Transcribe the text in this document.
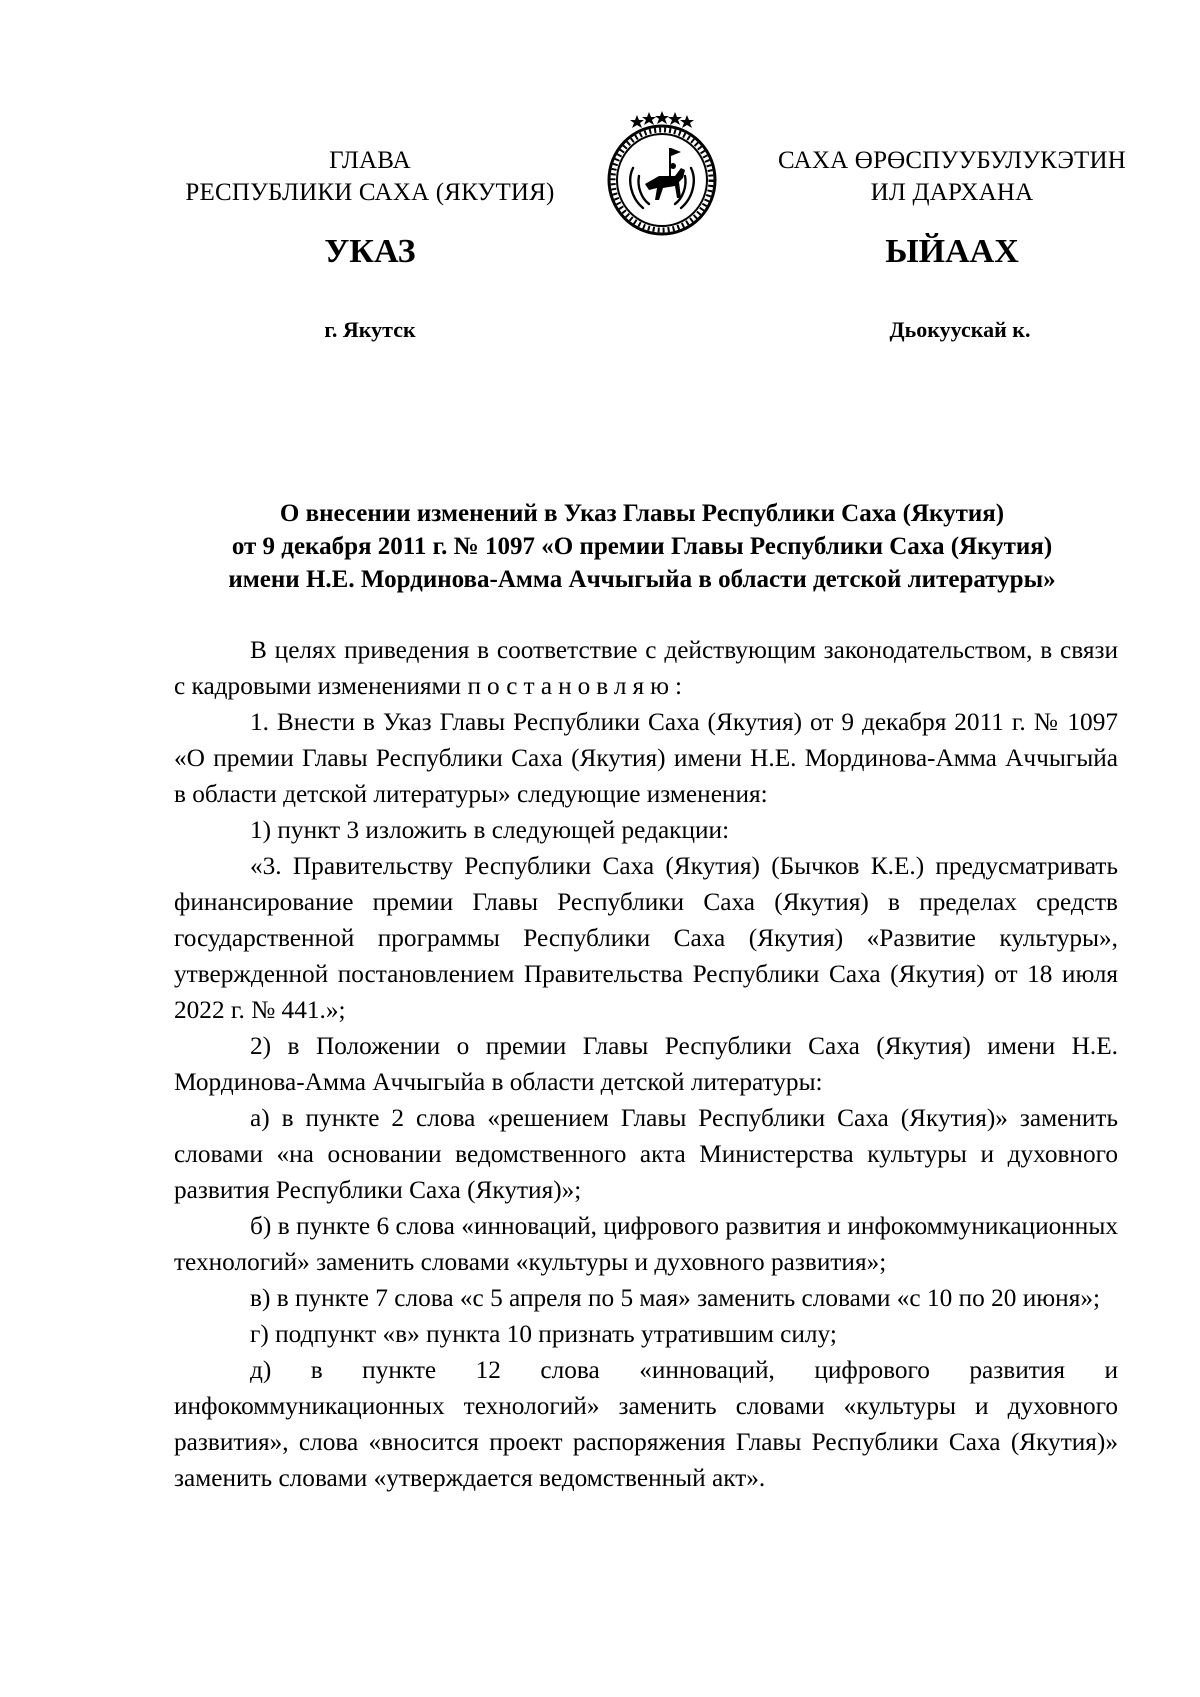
ГЛАВА
РЕСПУБЛИКИ САХА (ЯКУТИЯ)
САХА ӨРӨСПУУБУЛУКЭТИН
ИЛ ДАРХАНА
УКАЗ	ЫЙААХ
г. Якутск	Дьокуускай к.
О внесении изменений в Указ Главы Республики Саха (Якутия)
от 9 декабря 2011 г. № 1097 «О премии Главы Республики Саха (Якутия)
имени Н.Е. Мординова-Амма Аччыгыйа в области детской литературы»

В целях приведения в соответствие с действующим законодательством, в связи с кадровыми изменениями постановляю:

1. Внести в Указ Главы Республики Саха (Якутия) от 9 декабря 2011 г. № 1097 «О премии Главы Республики Саха (Якутия) имени Н.Е. Мординова-Амма Аччыгыйа в области детской литературы» следующие изменения:

1) пункт 3 изложить в следующей редакции:

«3. Правительству Республики Саха (Якутия) (Бычков К.Е.) предусматривать финансирование премии Главы Республики Саха (Якутия) в пределах средств государственной программы Республики Саха (Якутия) «Развитие культуры», утвержденной постановлением Правительства Республики Саха (Якутия) от 18 июля 2022 г. № 441.»;

2) в Положении о премии Главы Республики Саха (Якутия) имени Н.Е. Мординова-Амма Аччыгыйа в области детской литературы:

а) в пункте 2 слова «решением Главы Республики Саха (Якутия)» заменить словами «на основании ведомственного акта Министерства культуры и духовного развития Республики Саха (Якутия)»;

б) в пункте 6 слова «инноваций, цифрового развития и инфокоммуникационных технологий» заменить словами «культуры и духовного развития»;

в) в пункте 7 слова «с 5 апреля по 5 мая» заменить словами «с 10 по 20 июня»;

г) подпункт «в» пункта 10 признать утратившим силу;

д) в пункте 12 слова «инноваций, цифрового развития и инфокоммуникационных технологий» заменить словами «культуры и духовного развития», слова «вносится проект распоряжения Главы Республики Саха (Якутия)» заменить словами «утверждается ведомственный акт».
